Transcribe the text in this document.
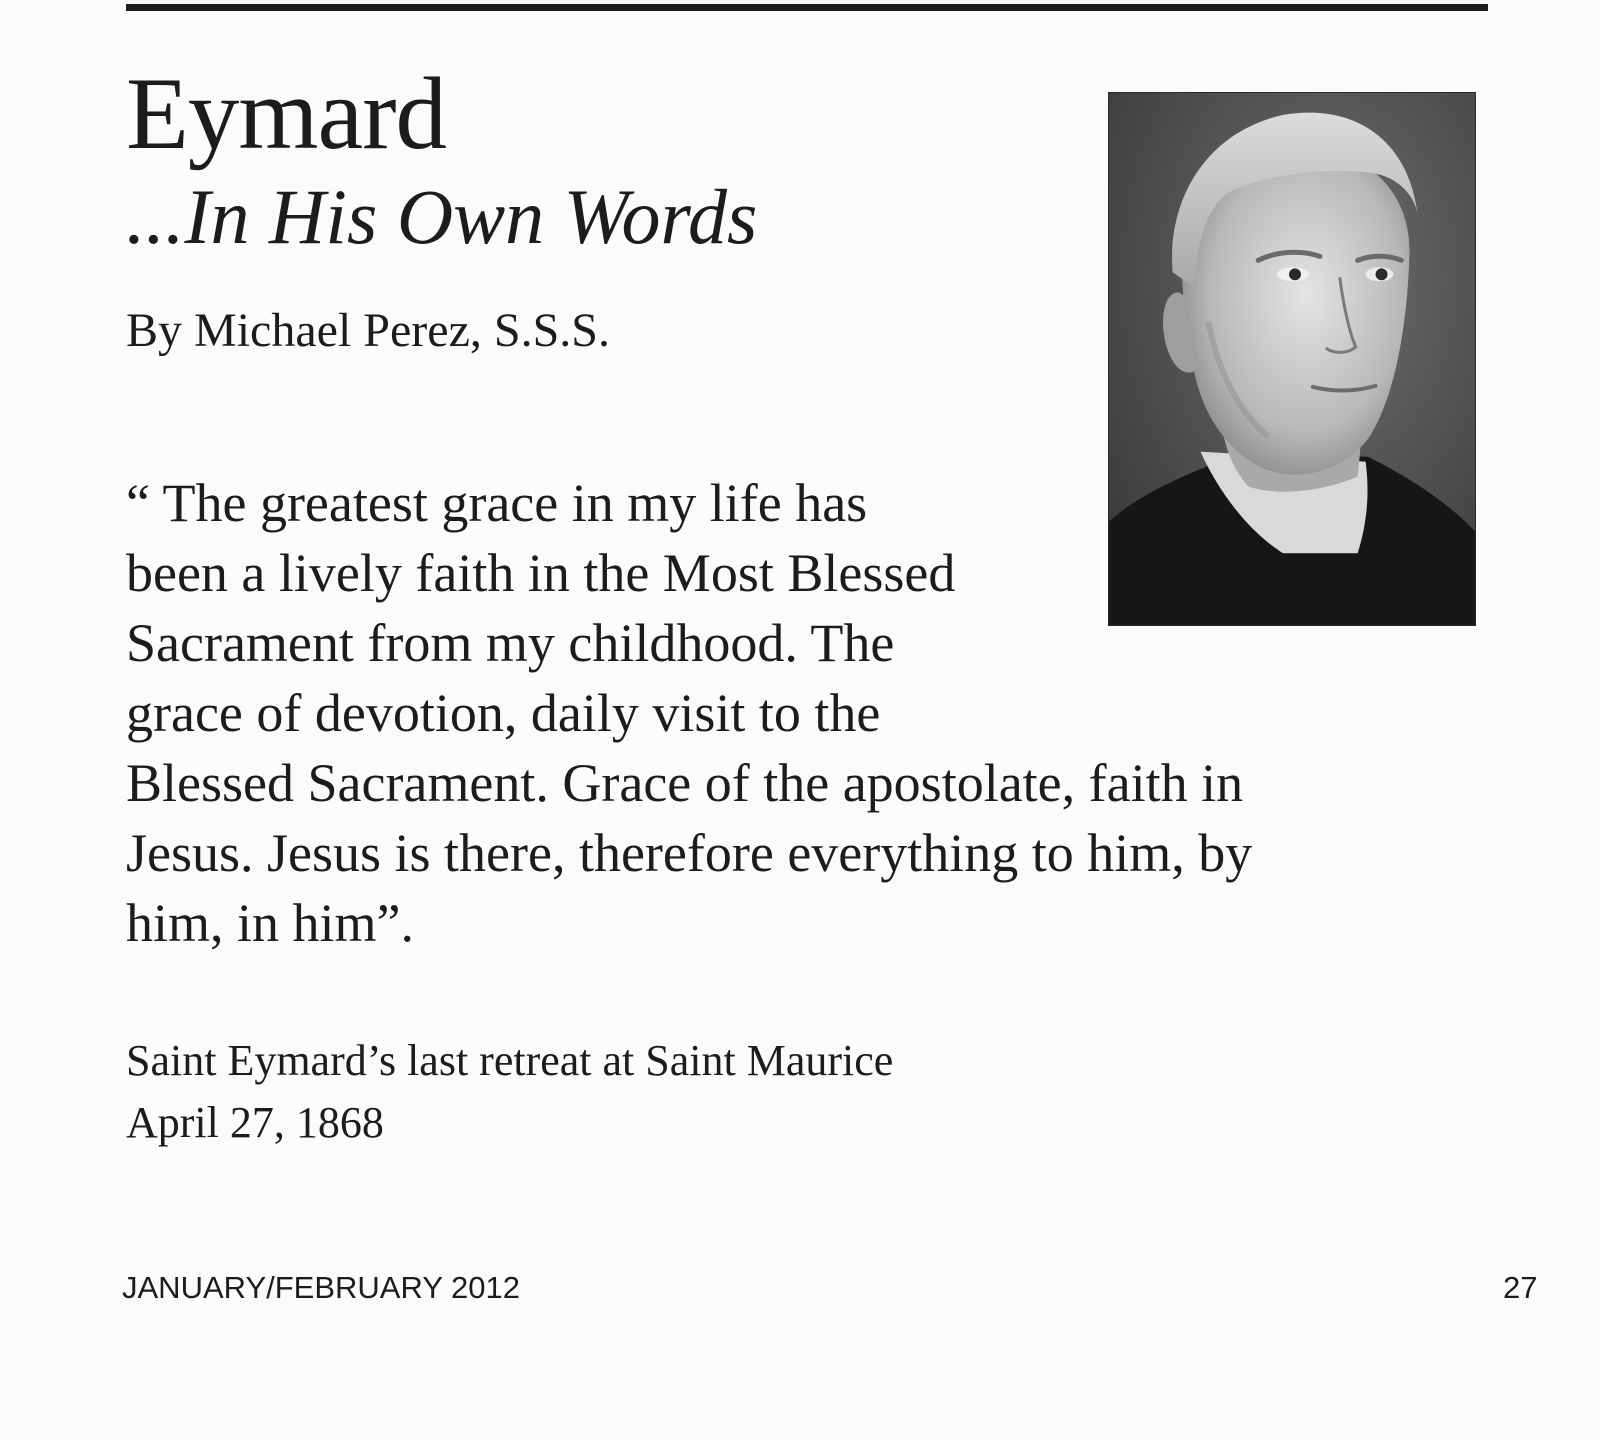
Eymard
...In His Own Words
By Michael Perez, S.S.S.
“ The greatest grace in my life has
been a lively faith in the Most Blessed
Sacrament from my childhood. The
grace of devotion, daily visit to the
Blessed Sacrament. Grace of the apostolate, faith in
Jesus. Jesus is there, therefore everything to him, by
him, in him”.
Saint Eymard’s last retreat at Saint Maurice
April 27, 1868
JANUARY/FEBRUARY 2012	27
